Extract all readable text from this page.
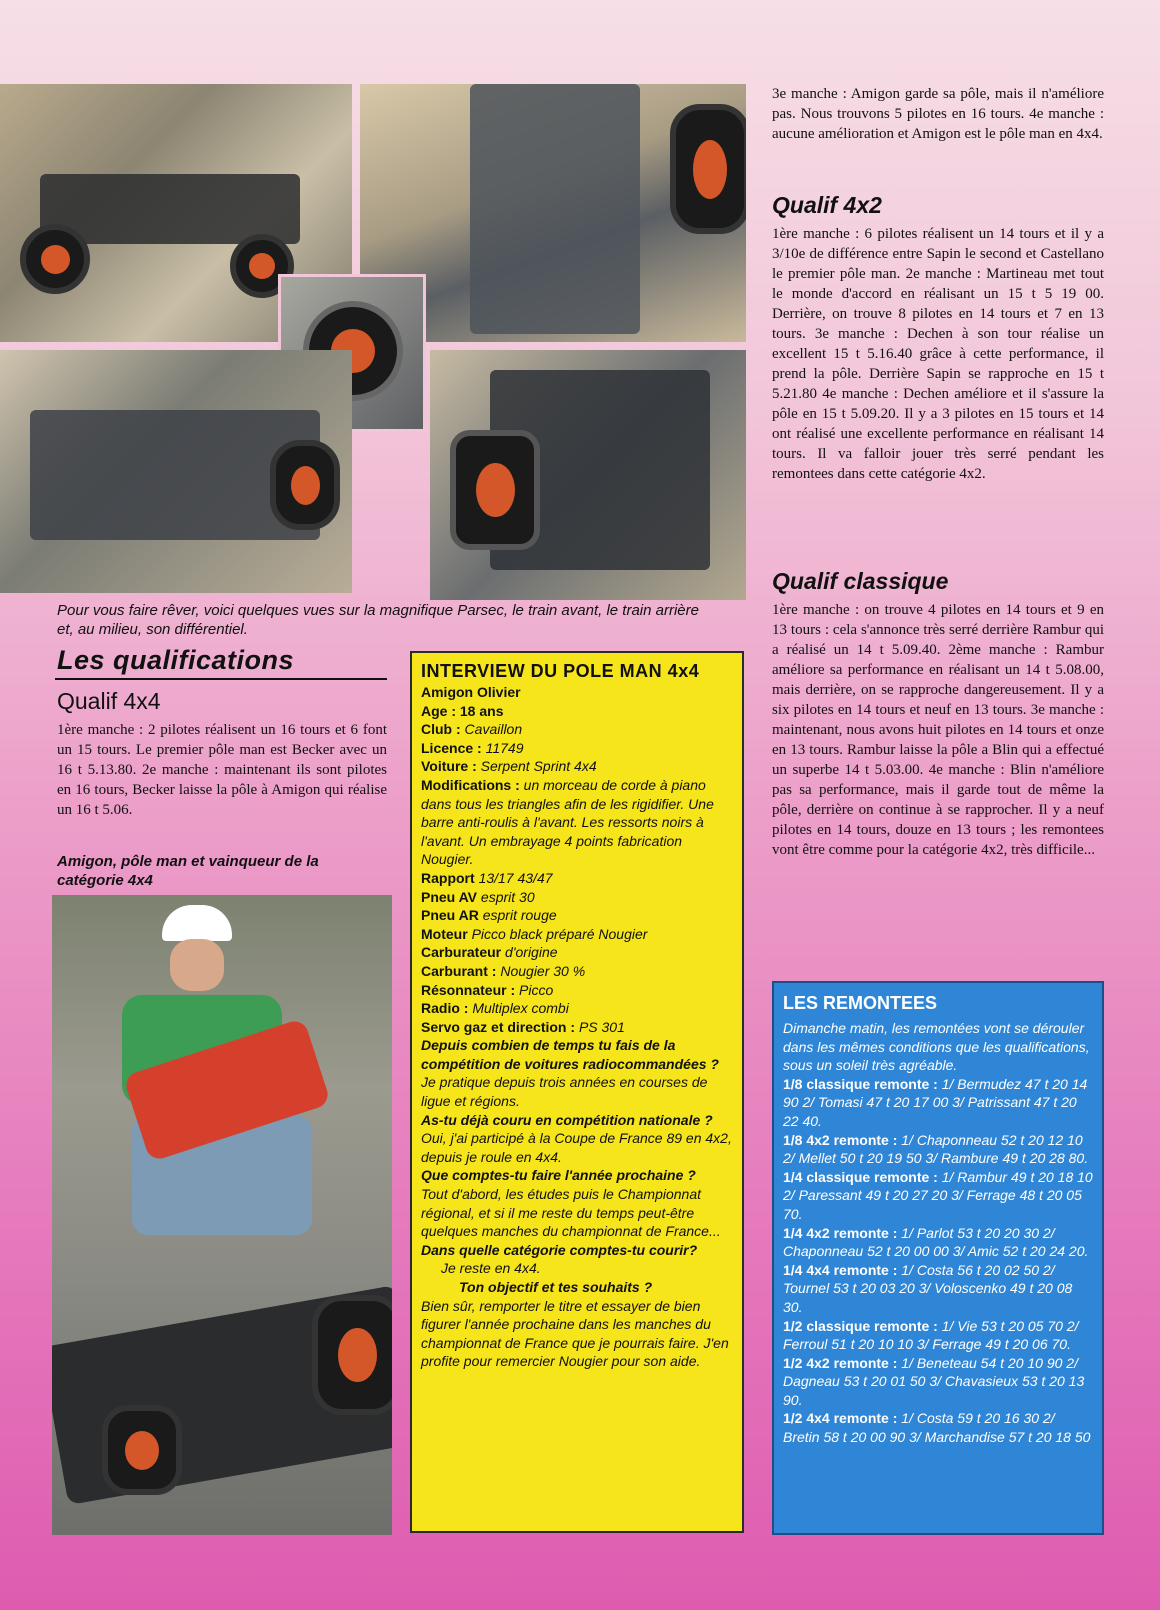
Pour vous faire rêver, voici quelques vues sur la magnifique Parsec, le train avant, le train arrière et, au milieu, son différentiel.
Les qualifications
Qualif 4x4
1ère manche : 2 pilotes réalisent un 16 tours et 6 font un 15 tours. Le premier pôle man est Becker avec un 16 t 5.13.80. 2e manche : maintenant ils sont pilotes en 16 tours, Becker laisse la pôle à Amigon qui réalise un 16 t 5.06.
Amigon, pôle man et vainqueur de la catégorie 4x4
INTERVIEW DU POLE MAN 4x4
Amigon Olivier
Age : 18 ans
Club : Cavaillon
Licence : 11749
Voiture : Serpent Sprint 4x4
Modifications : un morceau de corde à piano dans tous les triangles afin de les rigidifier. Une barre anti-roulis à l'avant. Les ressorts noirs à l'avant. Un embrayage 4 points fabrication Nougier.
Rapport 13/17 43/47
Pneu AV esprit 30
Pneu AR esprit rouge
Moteur Picco black préparé Nougier
Carburateur d'origine
Carburant : Nougier 30 %
Résonnateur : Picco
Radio : Multiplex combi
Servo gaz et direction : PS 301
Depuis combien de temps tu fais de la compétition de voitures radiocommandées ?
Je pratique depuis trois années en courses de ligue et régions.
As-tu déjà couru en compétition nationale ?
Oui, j'ai participé à la Coupe de France 89 en 4x2, depuis je roule en 4x4.
Que comptes-tu faire l'année prochaine ?
Tout d'abord, les études puis le Championnat régional, et si il me reste du temps peut-être quelques manches du championnat de France...
Dans quelle catégorie comptes-tu courir?
Je reste en 4x4.
Ton objectif et tes souhaits ?
Bien sûr, remporter le titre et essayer de bien figurer l'année prochaine dans les manches du championnat de France que je pourrais faire. J'en profite pour remercier Nougier pour son aide.
3e manche : Amigon garde sa pôle, mais il n'améliore pas. Nous trouvons 5 pilotes en 16 tours. 4e manche : aucune amélioration et Amigon est le pôle man en 4x4.
Qualif 4x2
1ère manche : 6 pilotes réalisent un 14 tours et il y a 3/10e de différence entre Sapin le second et Castellano le premier pôle man. 2e manche : Martineau met tout le monde d'accord en réalisant un 15 t 5 19 00. Derrière, on trouve 8 pilotes en 14 tours et 7 en 13 tours. 3e manche : Dechen à son tour réalise un excellent 15 t 5.16.40 grâce à cette performance, il prend la pôle. Derrière Sapin se rapproche en 15 t 5.21.80 4e manche : Dechen améliore et il s'assure la pôle en 15 t 5.09.20. Il y a 3 pilotes en 15 tours et 14 ont réalisé une excellente performance en réalisant 14 tours. Il va falloir jouer très serré pendant les remontees dans cette catégorie 4x2.
Qualif classique
1ère manche : on trouve 4 pilotes en 14 tours et 9 en 13 tours : cela s'annonce très serré derrière Rambur qui a réalisé un 14 t 5.09.40. 2ème manche : Rambur améliore sa performance en réalisant un 14 t 5.08.00, mais derrière, on se rapproche dangereusement. Il y a six pilotes en 14 tours et neuf en 13 tours. 3e manche : maintenant, nous avons huit pilotes en 14 tours et onze en 13 tours. Rambur laisse la pôle a Blin qui a effectué un superbe 14 t 5.03.00. 4e manche : Blin n'améliore pas sa performance, mais il garde tout de même la pôle, derrière on continue à se rapprocher. Il y a neuf pilotes en 14 tours, douze en 13 tours ; les remontees vont être comme pour la catégorie 4x2, très difficile...
LES REMONTEES
Dimanche matin, les remontées vont se dérouler dans les mêmes conditions que les qualifications, sous un soleil très agréable.
1/8 classique remonte : 1/ Bermudez 47 t 20 14 90 2/ Tomasi 47 t 20 17 00 3/ Patrissant 47 t 20 22 40.
1/8 4x2 remonte : 1/ Chaponneau 52 t 20 12 10 2/ Mellet 50 t 20 19 50 3/ Rambure 49 t 20 28 80.
1/4 classique remonte : 1/ Rambur 49 t 20 18 10 2/ Paressant 49 t 20 27 20 3/ Ferrage 48 t 20 05 70.
1/4 4x2 remonte : 1/ Parlot 53 t 20 20 30 2/ Chaponneau 52 t 20 00 00 3/ Amic 52 t 20 24 20.
1/4 4x4 remonte : 1/ Costa 56 t 20 02 50 2/ Tournel 53 t 20 03 20 3/ Voloscenko 49 t 20 08 30.
1/2 classique remonte : 1/ Vie 53 t 20 05 70 2/ Ferroul 51 t 20 10 10 3/ Ferrage 49 t 20 06 70.
1/2 4x2 remonte : 1/ Beneteau 54 t 20 10 90 2/ Dagneau 53 t 20 01 50 3/ Chavasieux 53 t 20 13 90.
1/2 4x4 remonte : 1/ Costa 59 t 20 16 30 2/ Bretin 58 t 20 00 90 3/ Marchandise 57 t 20 18 50
